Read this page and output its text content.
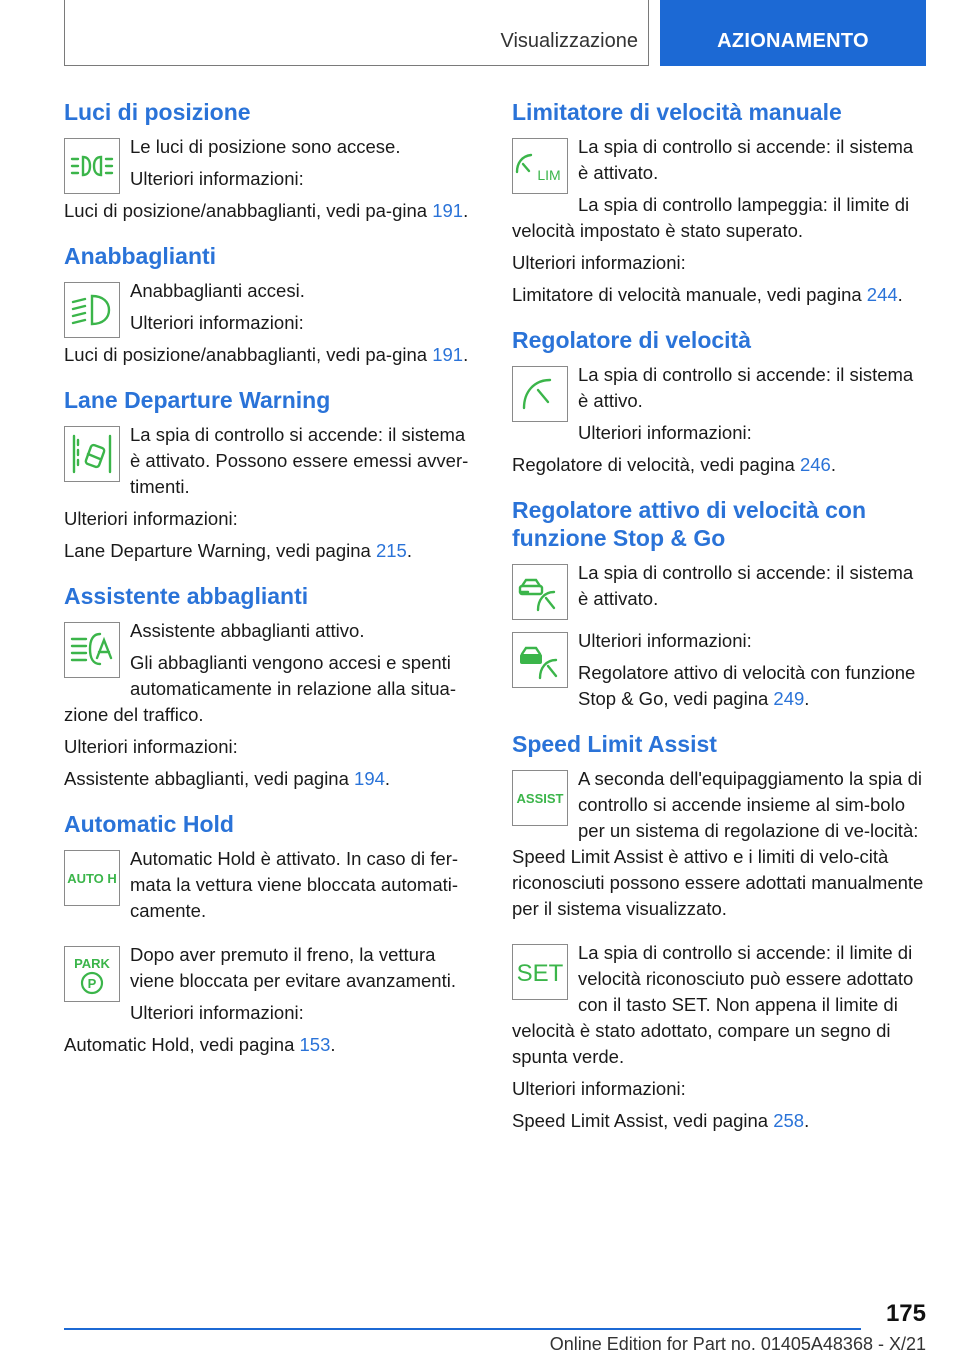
Visualizzazione	AZIONAMENTO
Luci di posizione
Le luci di posizione sono accese.
Ulteriori informazioni:
Luci di posizione/anabbaglianti, vedi pa-gina 191.
Anabbaglianti
Anabbaglianti accesi.
Ulteriori informazioni:
Luci di posizione/anabbaglianti, vedi pa-gina 191.
Lane Departure Warning
La spia di controllo si accende: il sistema è attivato. Possono essere emessi avver-timenti.
Ulteriori informazioni:
Lane Departure Warning, vedi pagina 215.
Assistente abbaglianti
Assistente abbaglianti attivo.
Gli abbaglianti vengono accesi e spenti automaticamente in relazione alla situa-zione del traffico.
Ulteriori informazioni:
Assistente abbaglianti, vedi pagina 194.
Automatic Hold
AUTO H
Automatic Hold è attivato. In caso di fer-mata la vettura viene bloccata automati-camente.
PARK
P
Dopo aver premuto il freno, la vettura viene bloccata per evitare avanzamenti.
Ulteriori informazioni:
Automatic Hold, vedi pagina 153.
Limitatore di velocità manuale
LIM
La spia di controllo si accende: il sistema è attivato.
La spia di controllo lampeggia: il limite di velocità impostato è stato superato.
Ulteriori informazioni:
Limitatore di velocità manuale, vedi pagina 244.
Regolatore di velocità
La spia di controllo si accende: il sistema è attivo.
Ulteriori informazioni:
Regolatore di velocità, vedi pagina 246.
Regolatore attivo di velocità con funzione Stop & Go
La spia di controllo si accende: il sistema è attivato.
Ulteriori informazioni:
Regolatore attivo di velocità con funzione Stop & Go, vedi pagina 249.
Speed Limit Assist
ASSIST
A seconda dell'equipaggiamento la spia di controllo si accende insieme al sim-bolo per un sistema di regolazione di ve-locità: Speed Limit Assist è attivo e i limiti di velo-cità riconosciuti possono essere adottati manualmente per il sistema visualizzato.
SET
La spia di controllo si accende: il limite di velocità riconosciuto può essere adottato con il tasto SET. Non appena il limite di velocità è stato adottato, compare un segno di spunta verde.
Ulteriori informazioni:
Speed Limit Assist, vedi pagina 258.
175
Online Edition for Part no. 01405A48368 - X/21
